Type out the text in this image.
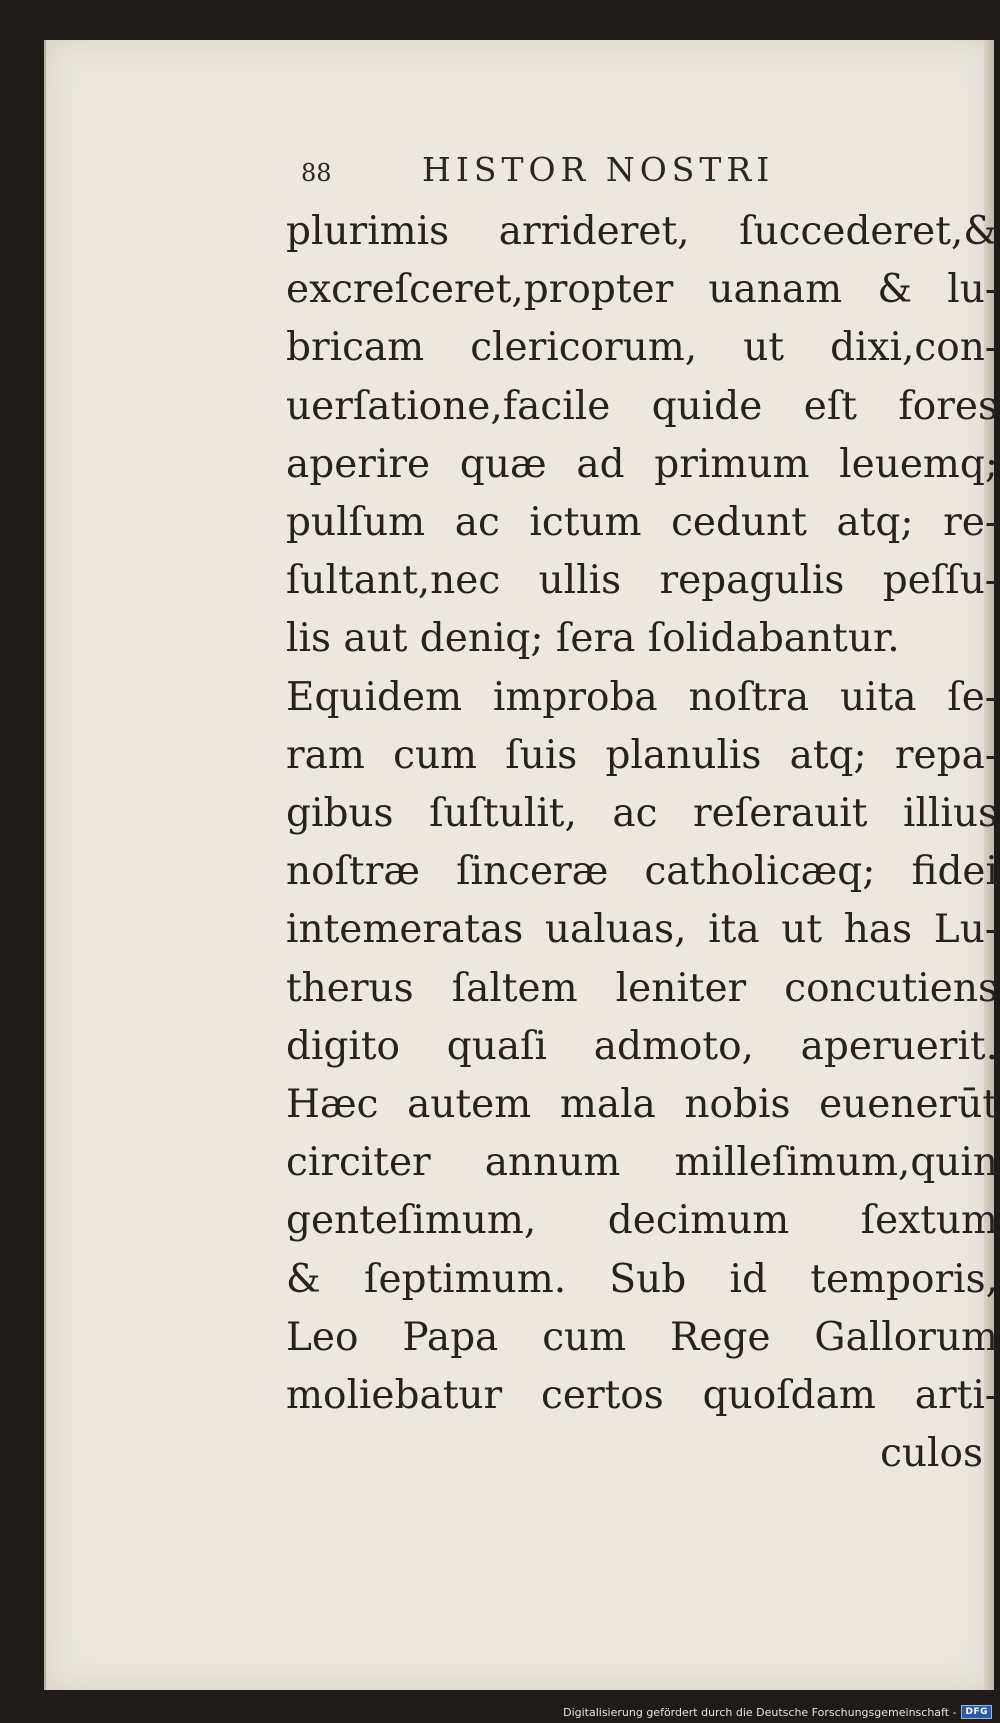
88	HISTOR NOSTRI
plurimis arrideret, ſuccederet,&
excreſceret,propter uanam & lu-
bricam clericorum, ut dixi,con-
uerſatione,facile quide eſt fores
aperire quæ ad primum leuemq;
pulſum ac ictum cedunt atq; re-
ſultant,nec ullis repagulis peſſu-
lis aut deniq; ſera ſolidabantur.
Equidem improba noſtra uita ſe-
ram cum ſuis planulis atq; repa-
gibus ſuſtulit, ac reſerauit illius
noſtræ ſinceræ catholicæq; fidei
intemeratas ualuas, ita ut has Lu-
therus ſaltem leniter concutiens
digito quaſi admoto, aperuerit.
Hæc autem mala nobis euenerūt
circiter annum milleſimum,quin
genteſimum, decimum ſextum
& ſeptimum. Sub id temporis,
Leo Papa cum Rege Gallorum
moliebatur certos quoſdam arti-
culos
Digitalisierung gefördert durch die Deutsche Forschungsgemeinschaft -	DFG
